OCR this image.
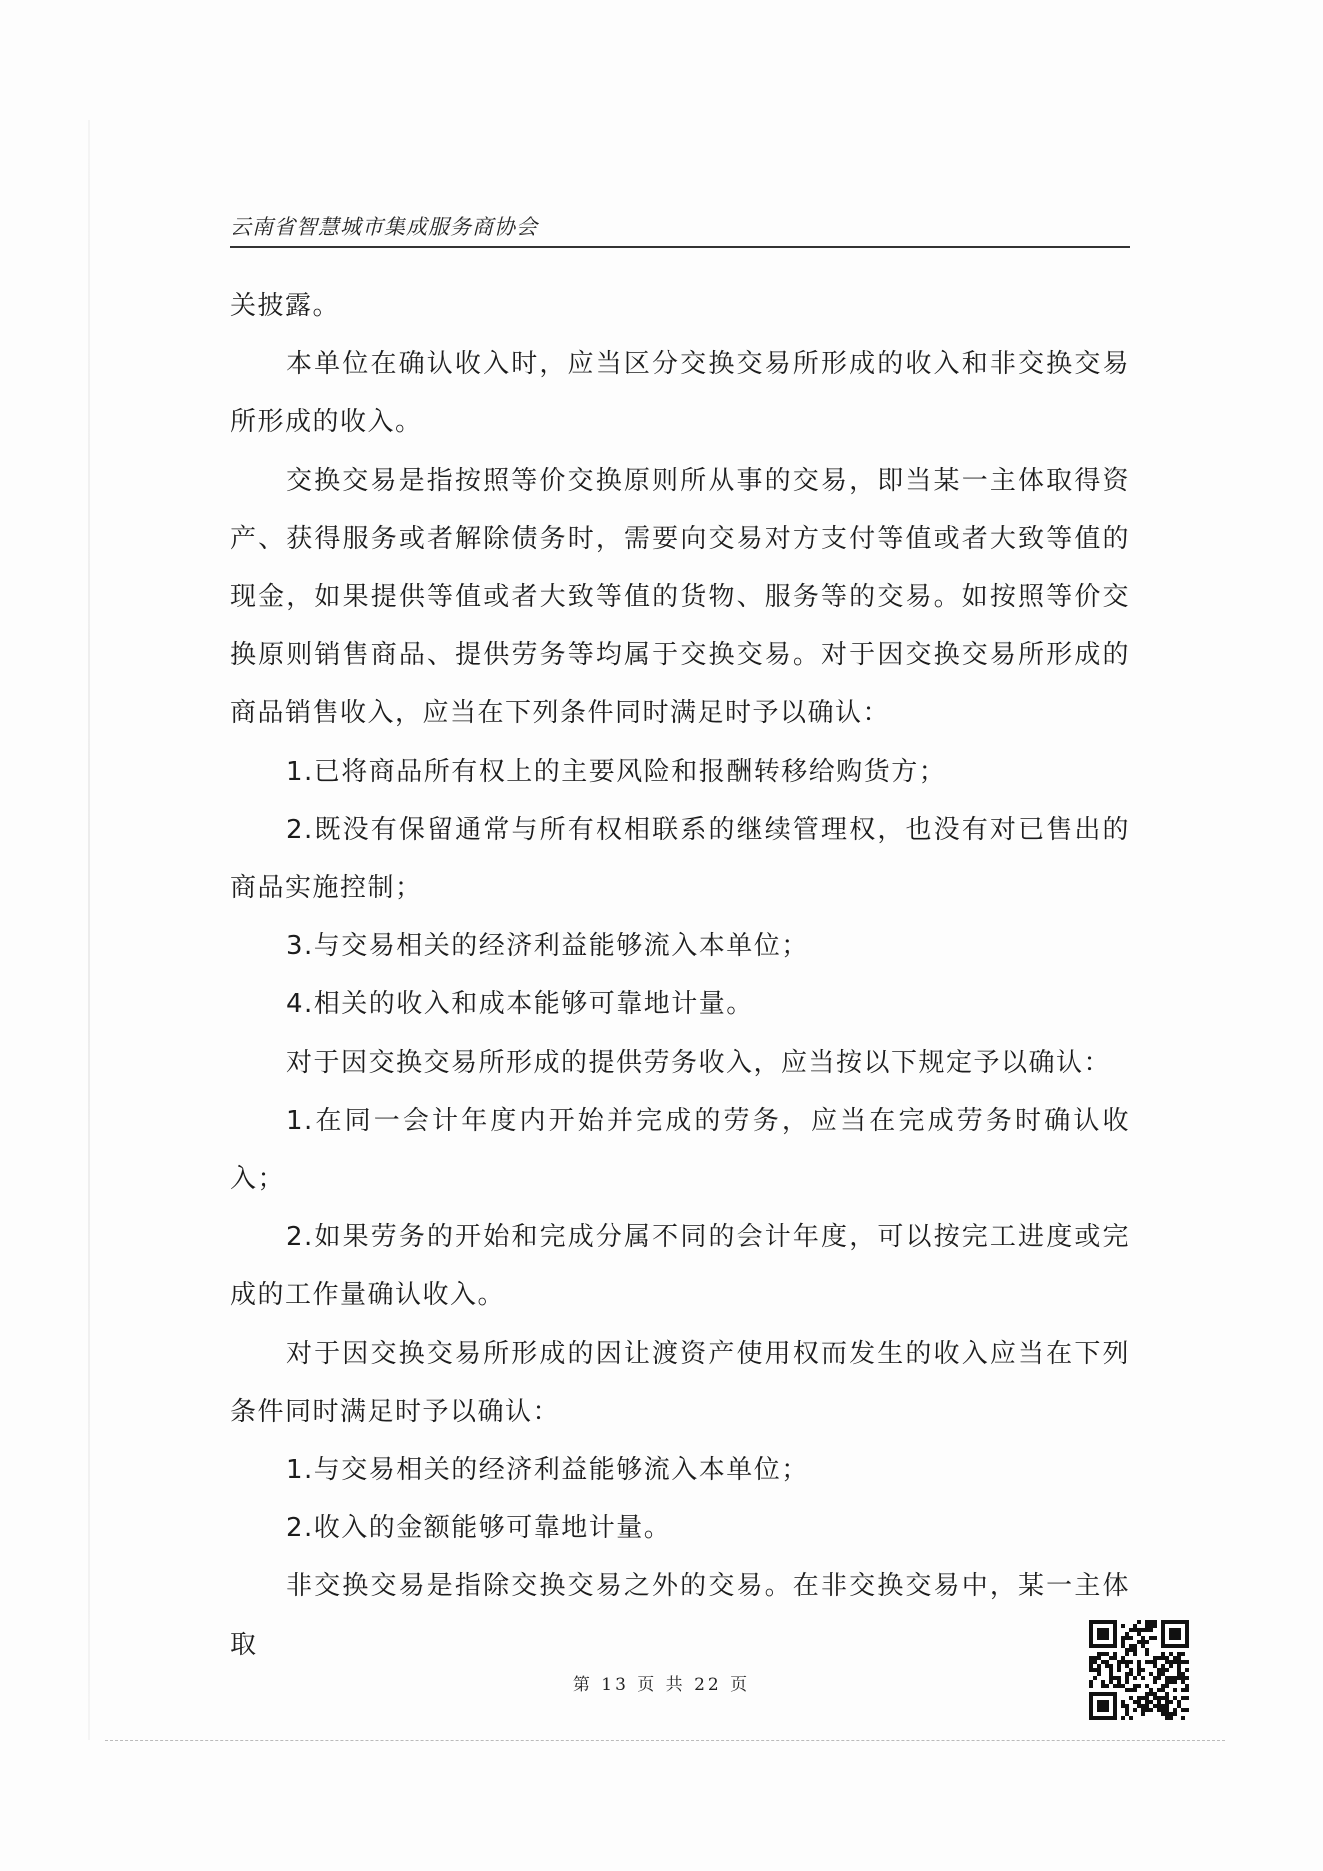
云南省智慧城市集成服务商协会

关披露。

本单位在确认收入时，应当区分交换交易所形成的收入和非交换交易所形成的收入。

交换交易是指按照等价交换原则所从事的交易，即当某一主体取得资产、获得服务或者解除债务时，需要向交易对方支付等值或者大致等值的现金，如果提供等值或者大致等值的货物、服务等的交易。如按照等价交换原则销售商品、提供劳务等均属于交换交易。对于因交换交易所形成的商品销售收入，应当在下列条件同时满足时予以确认：

1.已将商品所有权上的主要风险和报酬转移给购货方；

2.既没有保留通常与所有权相联系的继续管理权，也没有对已售出的商品实施控制；

3.与交易相关的经济利益能够流入本单位；

4.相关的收入和成本能够可靠地计量。

对于因交换交易所形成的提供劳务收入，应当按以下规定予以确认：

1.在同一会计年度内开始并完成的劳务，应当在完成劳务时确认收入；

2.如果劳务的开始和完成分属不同的会计年度，可以按完工进度或完成的工作量确认收入。

对于因交换交易所形成的因让渡资产使用权而发生的收入应当在下列条件同时满足时予以确认：

1.与交易相关的经济利益能够流入本单位；

2.收入的金额能够可靠地计量。

非交换交易是指除交换交易之外的交易。在非交换交易中，某一主体取

第 13 页 共 22 页
